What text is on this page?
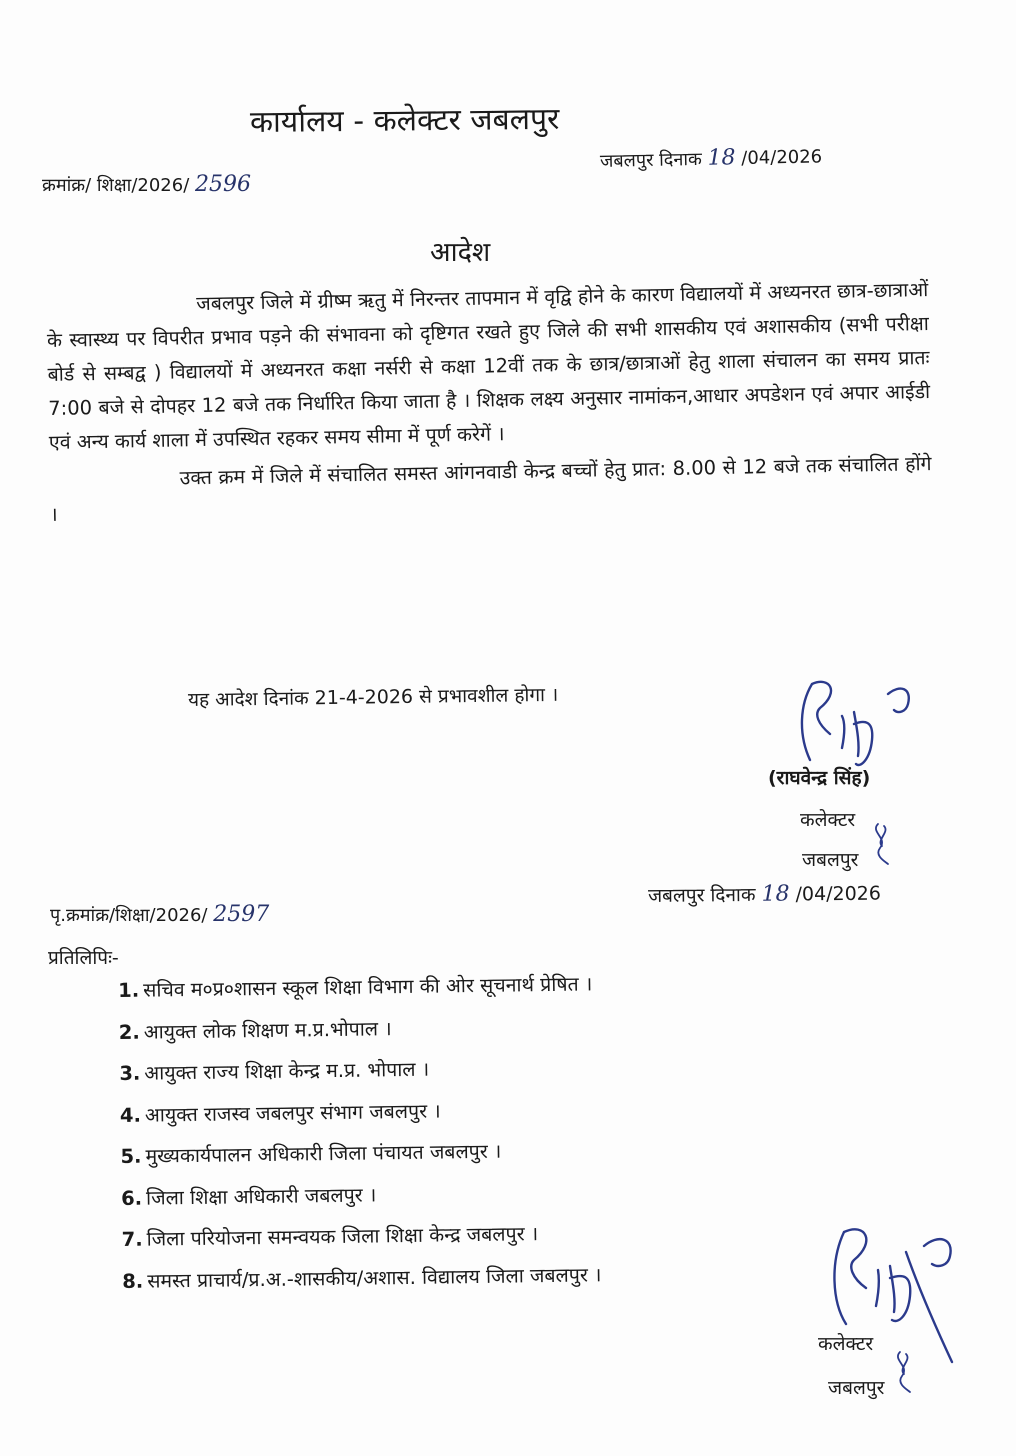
कार्यालय - कलेक्टर जबलपुर
क्रमांक्र/ शिक्षा/2026/ 2596
जबलपुर दिनाक 18 /04/2026
आदेश

जबलपुर जिले में ग्रीष्म ऋतु में निरन्तर तापमान में वृद्वि होने के कारण विद्यालयों में अध्यनरत छात्र-छात्राओं के स्वास्थ्य पर विपरीत प्रभाव पड़ने की संभावना को दृष्टिगत रखते हुए जिले की सभी शासकीय एवं अशासकीय (सभी परीक्षा बोर्ड से सम्बद्व ) विद्यालयों में अध्यनरत कक्षा नर्सरी से कक्षा 12वीं तक के छात्र/छात्राओं हेतु शाला संचालन का समय प्रातः 7:00 बजे से दोपहर 12 बजे तक निर्धारित किया जाता है । शिक्षक लक्ष्य अनुसार नामांकन,आधार अपडेशन एवं अपार आईडी एवं अन्य कार्य शाला में उपस्थित रहकर समय सीमा में पूर्ण करेगें ।

उक्त क्रम में जिले में संचालित समस्त आंगनवाडी केन्द्र बच्चों हेतु प्रात: 8.00 से 12 बजे तक संचालित होंगे ।

यह आदेश दिनांक 21-4-2026 से प्रभावशील होगा ।
(राघवेन्द्र सिंह)
कलेक्टर
जबलपुर
पृ.क्रमांक्र/शिक्षा/2026/ 2597
जबलपुर दिनाक 18 /04/2026
प्रतिलिपिः-
1. सचिव म०प्र०शासन स्कूल शिक्षा विभाग की ओर सूचनार्थ प्रेषित ।
2. आयुक्त लोक शिक्षण म.प्र.भोपाल ।
3. आयुक्त राज्य शिक्षा केन्द्र म.प्र. भोपाल ।
4. आयुक्त राजस्व जबलपुर संभाग जबलपुर ।
5. मुख्यकार्यपालन अधिकारी जिला पंचायत जबलपुर ।
6. जिला शिक्षा अधिकारी जबलपुर ।
7. जिला परियोजना समन्वयक जिला शिक्षा केन्द्र जबलपुर ।
8. समस्त प्राचार्य/प्र.अ.-शासकीय/अशास. विद्यालय जिला जबलपुर ।
कलेक्टर
जबलपुर
